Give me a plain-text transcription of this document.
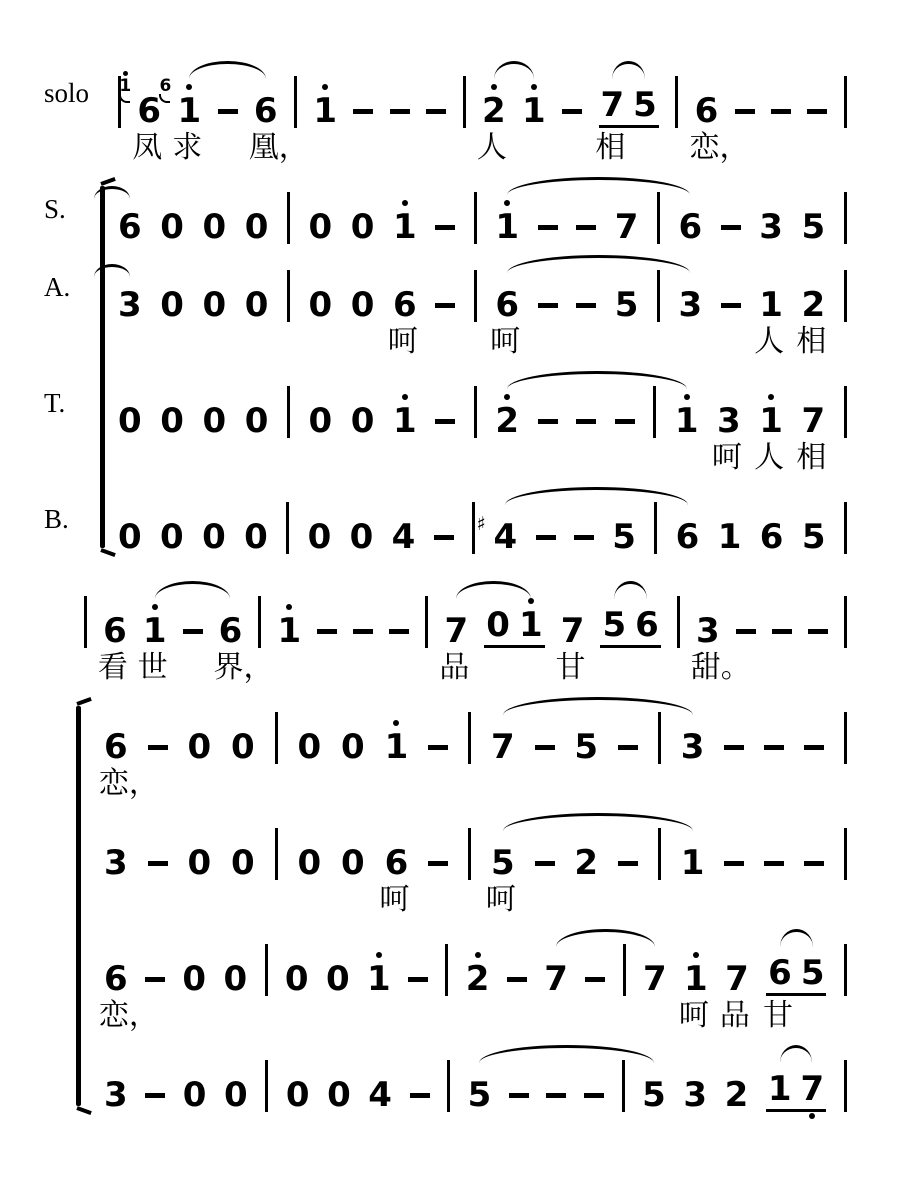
solo 6
1
1
6
6 1	2 1 7 5 6
凤 求 凰，	人	相 恋，
S. 6 0 0 0 0 0 1 1	7 6 3 5
A. 3 0 0 0 0 0 6 6	5 3 1 2
呵 呵	人 相
T. 0 0 0 0 0 0 1 2	1 3 1 7
呵 人 相
B. 0 0 0 0 0 0 4 4
♯	5 6 1 6 5
6 1 6 1	7 0 1 7 5 6 3
看 世 界，	品	甘	甜。
6 0 0 0 0 1 7 5 3
恋，
3 0 0 0 0 6 5 2 1
呵	呵
6 0 0 0 0 1 2 7 7 1 7 6 5
恋，	呵 品 甘
3 0 0 0 0 4 5	5 3 2 1 7
